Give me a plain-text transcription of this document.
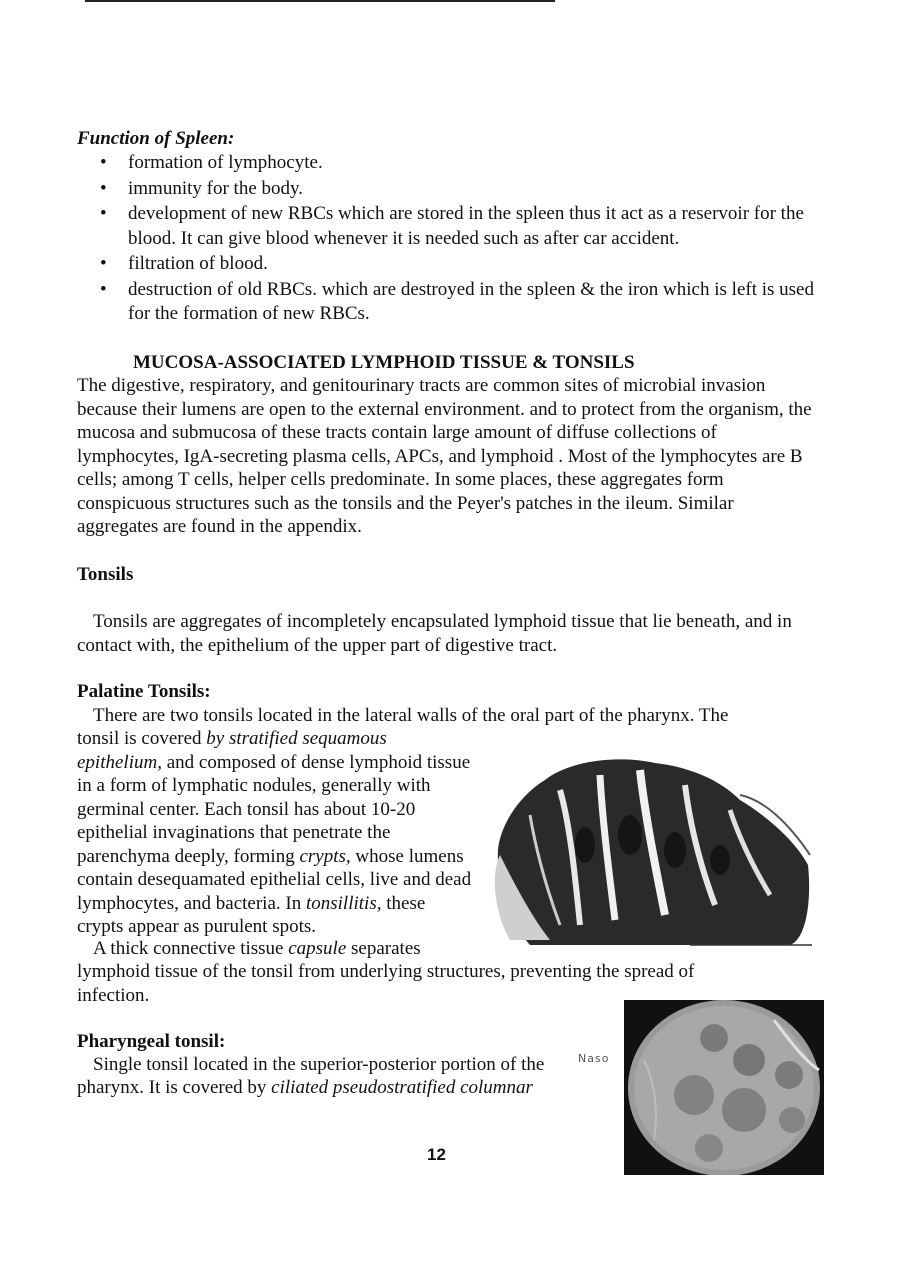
Function of Spleen:

• formation of lymphocyte.
• immunity for the body.
• development of new RBCs which are stored in the spleen thus it act as a reservoir for the blood. It can give blood whenever it is needed such as after car accident.
• filtration of blood.
• destruction of old RBCs. which are destroyed in the spleen & the iron which is left is used for the formation of new RBCs.

MUCOSA-ASSOCIATED LYMPHOID TISSUE & TONSILS

The digestive, respiratory, and genitourinary tracts are common sites of microbial invasion because their lumens are open to the external environment. and to protect from the organism, the mucosa and submucosa of these tracts contain large amount of diffuse collections of lymphocytes, IgA-secreting plasma cells, APCs, and lymphoid . Most of the lymphocytes are B cells; among T cells, helper cells predominate. In some places, these aggregates form conspicuous structures such as the tonsils and the Peyer's patches in the ileum. Similar aggregates are found in the appendix.

Tonsils

Tonsils are aggregates of incompletely encapsulated lymphoid tissue that lie beneath, and in contact with, the epithelium of the upper part of digestive tract.

Palatine Tonsils:

There are two tonsils located in the lateral walls of the oral part of the pharynx. The

tonsil is covered by stratified sequamous epithelium, and composed of dense lymphoid tissue in a form of lymphatic nodules, generally with germinal center. Each tonsil has about 10-20 epithelial invaginations that penetrate the parenchyma deeply, forming crypts, whose lumens contain desequamated epithelial cells, live and dead lymphocytes, and bacteria. In tonsillitis, these crypts appear as purulent spots.

A thick connective tissue capsule separates

lymphoid tissue of the tonsil from underlying structures, preventing the spread of infection.

Pharyngeal tonsil:

Single tonsil located in the superior-posterior portion of the	Naso

pharynx. It is covered by ciliated pseudostratified columnar

12
